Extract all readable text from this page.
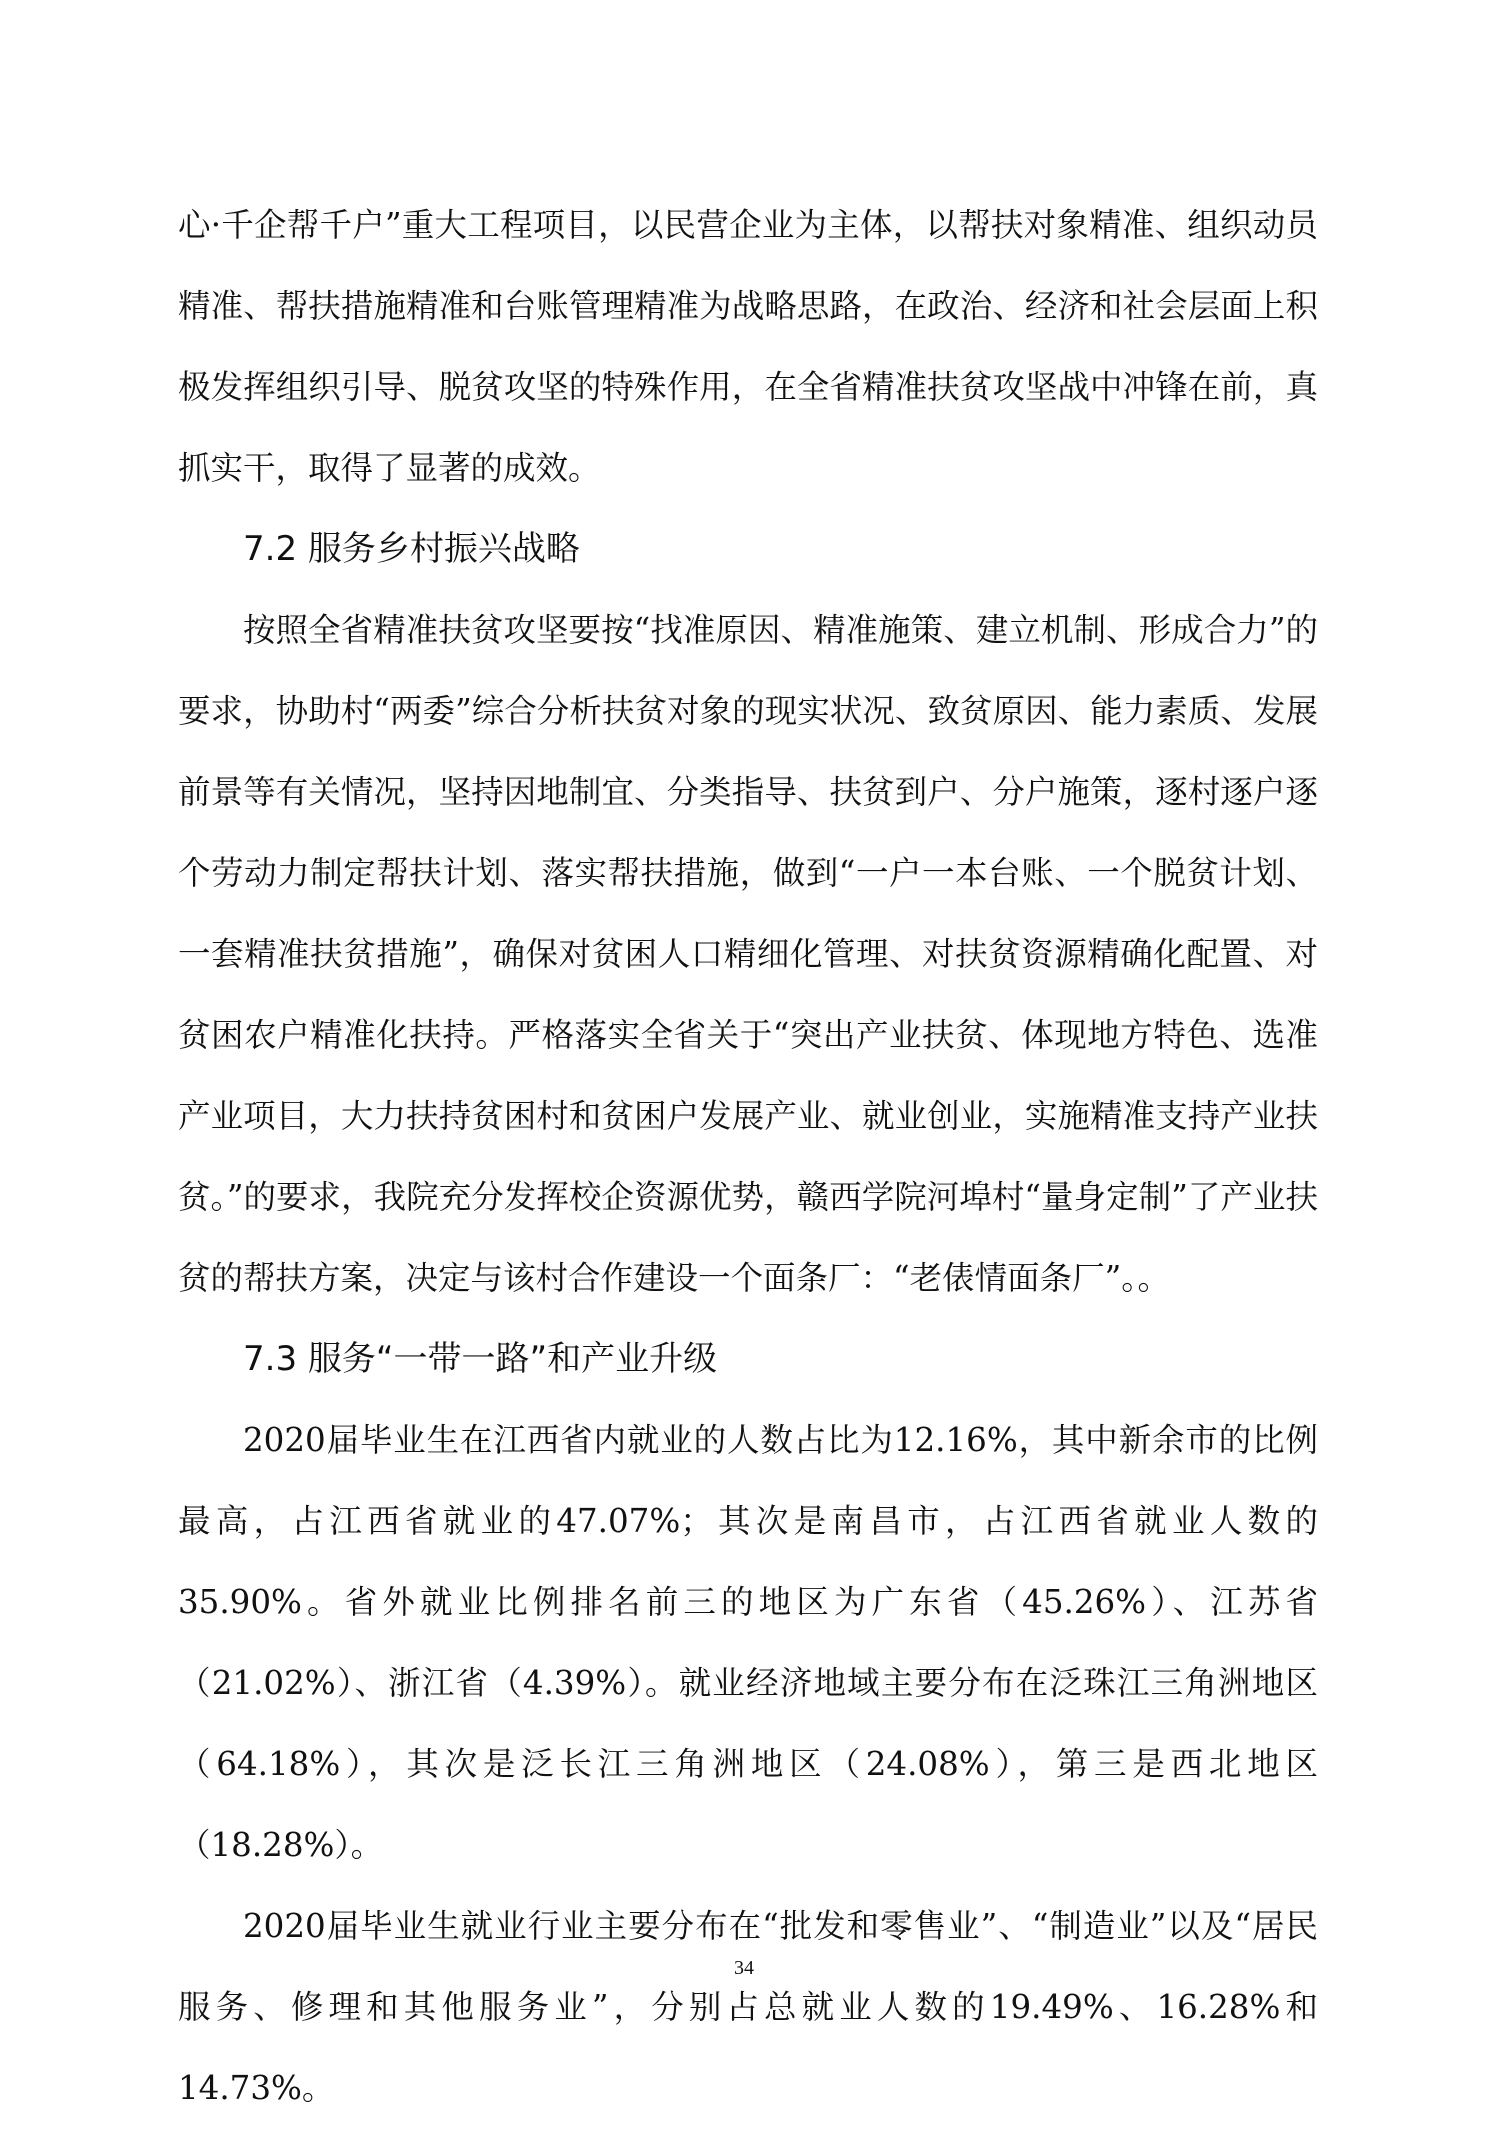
心·千企帮千户”重大工程项目，以民营企业为主体，以帮扶对象精准、组织动员精准、帮扶措施精准和台账管理精准为战略思路，在政治、经济和社会层面上积极发挥组织引导、脱贫攻坚的特殊作用，在全省精准扶贫攻坚战中冲锋在前，真抓实干，取得了显著的成效。

7.2 服务乡村振兴战略

按照全省精准扶贫攻坚要按“找准原因、精准施策、建立机制、形成合力”的要求，协助村“两委”综合分析扶贫对象的现实状况、致贫原因、能力素质、发展前景等有关情况，坚持因地制宜、分类指导、扶贫到户、分户施策，逐村逐户逐个劳动力制定帮扶计划、落实帮扶措施，做到“一户一本台账、一个脱贫计划、一套精准扶贫措施”，确保对贫困人口精细化管理、对扶贫资源精确化配置、对贫困农户精准化扶持。严格落实全省关于“突出产业扶贫、体现地方特色、选准产业项目，大力扶持贫困村和贫困户发展产业、就业创业，实施精准支持产业扶贫。”的要求，我院充分发挥校企资源优势，赣西学院河埠村“量身定制”了产业扶贫的帮扶方案，决定与该村合作建设一个面条厂：“老俵情面条厂”。。

7.3 服务“一带一路”和产业升级

2020届毕业生在江西省内就业的人数占比为12.16%，其中新余市的比例最高，占江西省就业的47.07%；其次是南昌市，占江西省就业人数的35.90%。省外就业比例排名前三的地区为广东省（45.26%）、江苏省（21.02%）、浙江省（4.39%）。就业经济地域主要分布在泛珠江三角洲地区（64.18%），其次是泛长江三角洲地区（24.08%），第三是西北地区（18.28%）。

2020届毕业生就业行业主要分布在“批发和零售业”、“制造业”以及“居民服务、修理和其他服务业”，分别占总就业人数的19.49%、16.28%和14.73%。

34
